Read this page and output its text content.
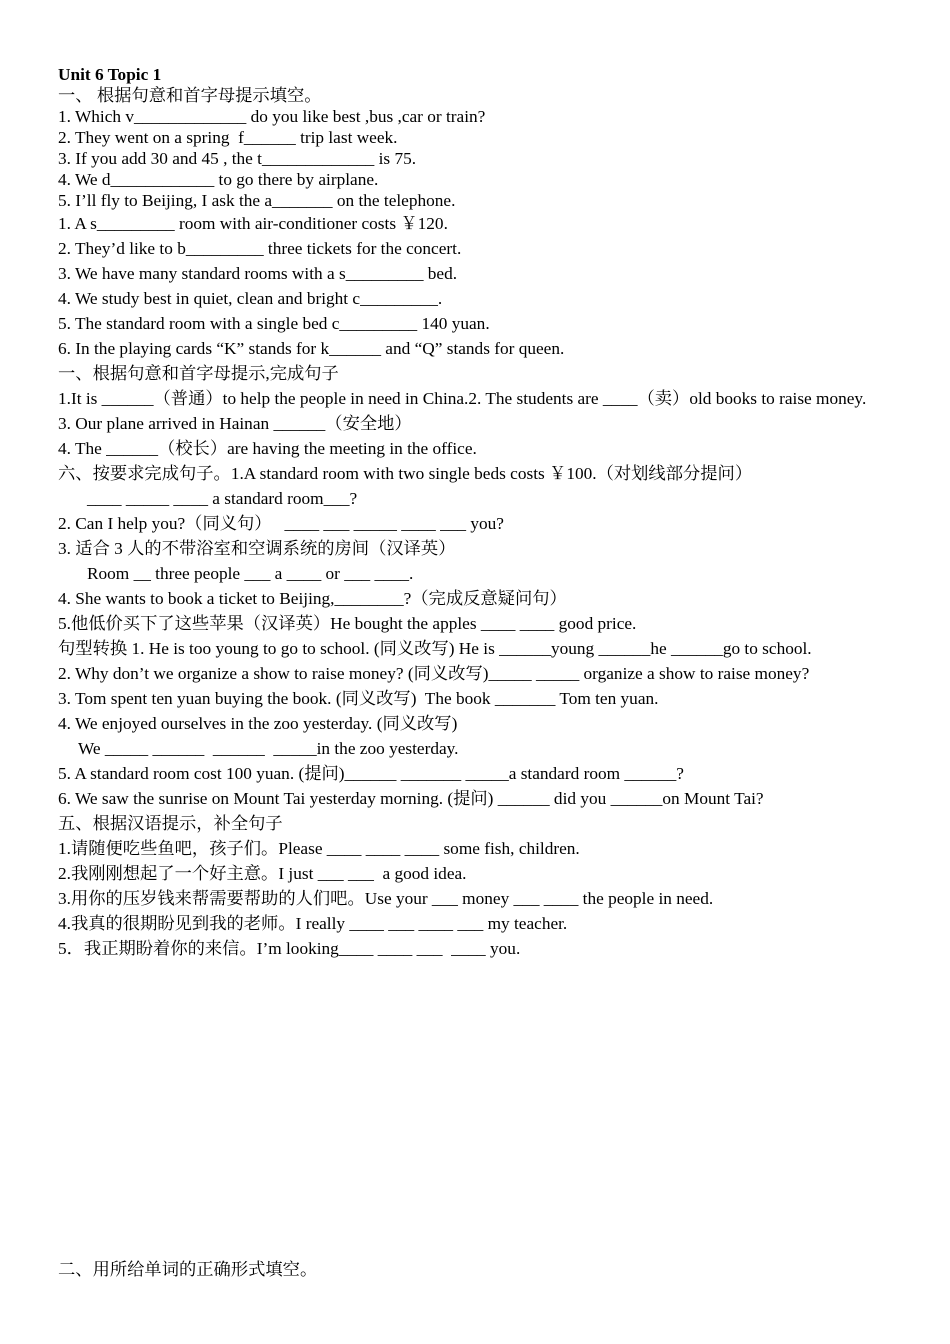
Unit 6 Topic 1
一、 根据句意和首字母提示填空。
1. Which v_____________ do you like best ,bus ,car or train?
2. They went on a spring  f______ trip last week.
3. If you add 30 and 45 , the t_____________ is 75.
4. We d____________ to go there by airplane.
5. I’ll fly to Beijing, I ask the a_______ on the telephone.
1. A s_________ room with air-conditioner costs ￥120.
2. They’d like to b_________ three tickets for the concert.
3. We have many standard rooms with a s_________ bed.
4. We study best in quiet, clean and bright c_________.
5. The standard room with a single bed c_________ 140 yuan.
6. In the playing cards “K” stands for k______ and “Q” stands for queen.
一、根据句意和首字母提示,完成句子
1.It is ______（普通）to help the people in need in China.2. The students are ____（卖）old books to raise money.
3. Our plane arrived in Hainan ______（安全地）
4. The ______（校长）are having the meeting in the office.
六、按要求完成句子。1.A standard room with two single beds costs ￥100.（对划线部分提问）
____ _____ ____ a standard room___?
2. Can I help you?（同义句）   ____ ___ _____ ____ ___ you?
3. 适合 3 人的不带浴室和空调系统的房间（汉译英）
Room __ three people ___ a ____ or ___ ____.
4. She wants to book a ticket to Beijing,________?（完成反意疑问句）
5.他低价买下了这些苹果（汉译英）He bought the apples ____ ____ good price.
句型转换 1. He is too young to go to school. (同义改写) He is ______young ______he ______go to school.
2. Why don’t we organize a show to raise money? (同义改写)_____ _____ organize a show to raise money?
3. Tom spent ten yuan buying the book. (同义改写)  The book _______ Tom ten yuan.
4. We enjoyed ourselves in the zoo yesterday. (同义改写)
We _____ ______  ______  _____in the zoo yesterday.
5. A standard room cost 100 yuan. (提问)______ _______ _____a standard room ______?
6. We saw the sunrise on Mount Tai yesterday morning. (提问) ______ did you ______on Mount Tai?
五、根据汉语提示，补全句子
1.请随便吃些鱼吧，孩子们。Please ____ ____ ____ some fish, children.
2.我刚刚想起了一个好主意。I just ___ ___  a good idea.
3.用你的压岁钱来帮需要帮助的人们吧。Use your ___ money ___ ____ the people in need.
4.我真的很期盼见到我的老师。I really ____ ___ ____ ___ my teacher.
5．我正期盼着你的来信。I’m looking____ ____ ___  ____ you.
二、用所给单词的正确形式填空。
